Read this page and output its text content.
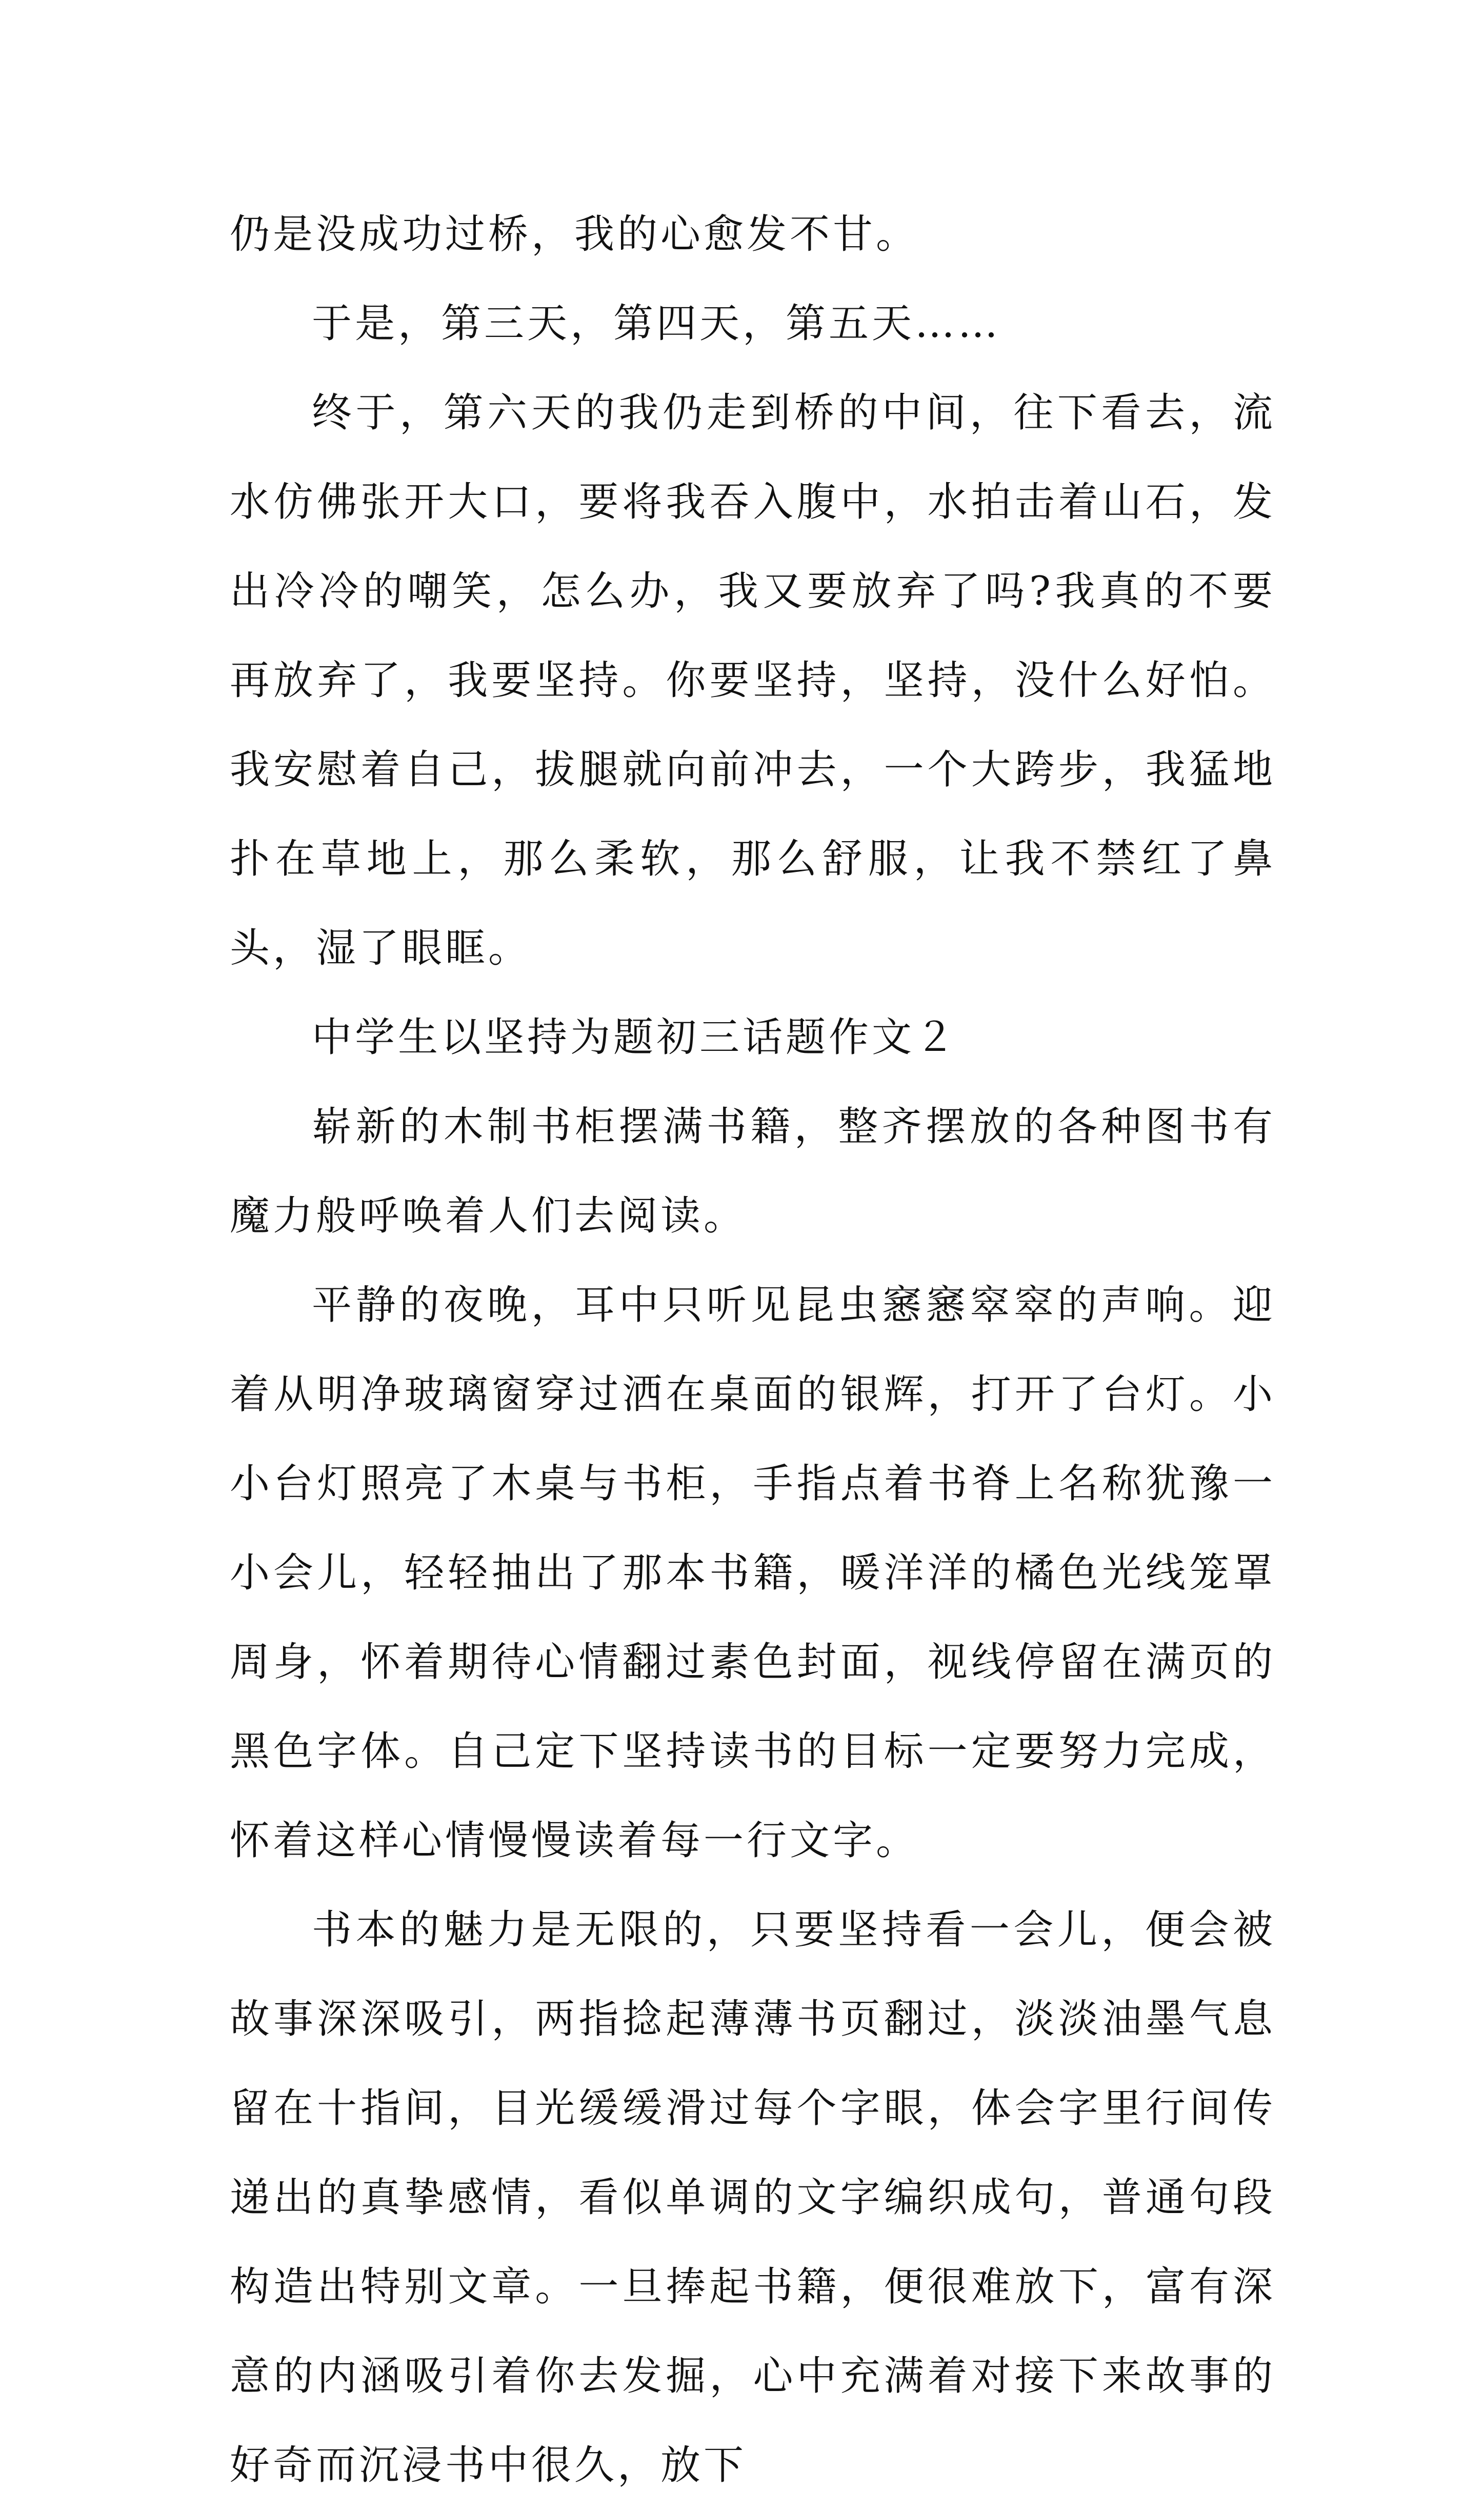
仍是没成功过桥，我的心愈发不甘。

于是，第三天，第四天，第五天……

终于，第六天的我仍走到桥的中间，往下看去，流水仿佛张开大口，要将我吞入腹中，水拍击着山石，发出冷冷的嘲笑，怎么办，我又要放弃了吗?我真的不要再放弃了，我要坚持。你要坚持，坚持，没什么好怕。我安慰着自己，拔腿就向前冲去，一个大跨步，我猛地扑在草地上，那么柔软，那么舒服，让我不禁红了鼻头，湿了眼眶。

中学生以坚持为题初三话题作文２

崭新的木制书柜摆满书籍，整齐摆放的各种图书有魔力般呼唤着人们去阅读。

平静的夜晚，耳中只听见昆虫窸窸窣窣的声响。迎着从明净玻璃窗穿过洒在桌面的银辉，打开了台灯。小小台灯照亮了木桌与书柜，手指点着书脊上名称犹豫一小会儿，轻轻抽出了那本书籍，暖洋洋的橘色光线笼罩周身，怀着期待心情翻过素色封面，视线停留在满页的黑色字体。自己定下坚持读书的目标一定要努力完成，怀着这样心情慢慢读着每一行文字。

书本的魅力是无限的，只要坚持看一会儿，便会被故事深深吸引，两指捻起薄薄书页翻过，淡淡油墨气息留在十指间，目光缓缓滑过每个字眼，体会字里行间传递出的真挚感情，看似单调的文字编织成句，普通句段构造出特别文章。一旦捧起书籍，便很难放下，富有深意的内涵吸引着你去发掘，心中充满着对接下来故事的好奇而沉浸书中很久，放下
